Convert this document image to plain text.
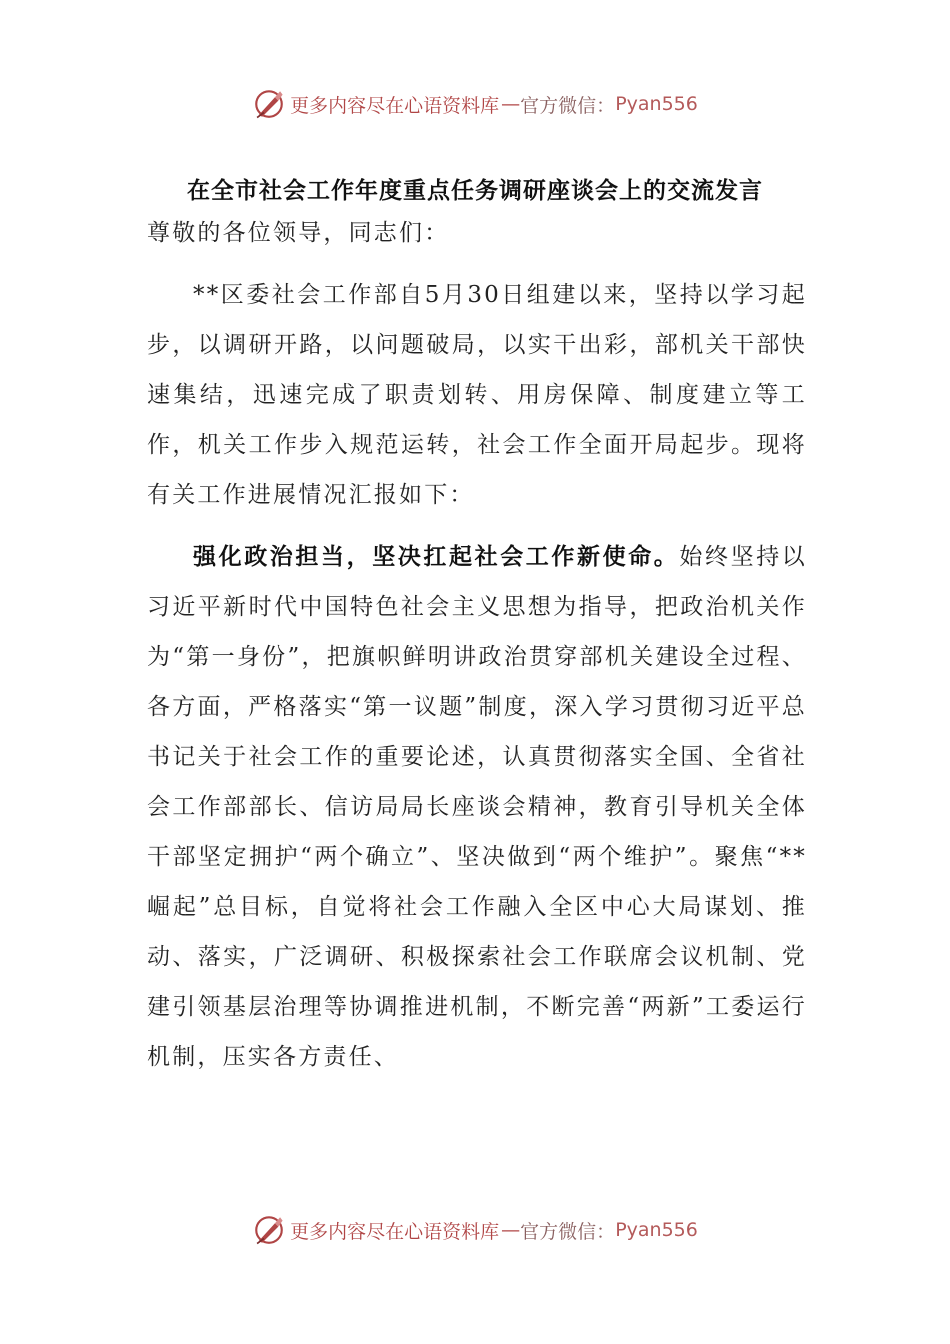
更多内容尽在心语资料库 — 官方微信： Pyan556
在全市社会工作年度重点任务调研座谈会上的交流发言

尊敬的各位领导，同志们：

**区委社会工作部自5月30日组建以来，坚持以学习起步，以调研开路，以问题破局，以实干出彩，部机关干部快速集结，迅速完成了职责划转、用房保障、制度建立等工作，机关工作步入规范运转，社会工作全面开局起步。现将有关工作进展情况汇报如下：

强化政治担当，坚决扛起社会工作新使命。始终坚持以习近平新时代中国特色社会主义思想为指导，把政治机关作为“第一身份”，把旗帜鲜明讲政治贯穿部机关建设全过程、各方面，严格落实“第一议题”制度，深入学习贯彻习近平总书记关于社会工作的重要论述，认真贯彻落实全国、全省社会工作部部长、信访局局长座谈会精神，教育引导机关全体干部坚定拥护“两个确立”、坚决做到“两个维护”。聚焦“**崛起”总目标，自觉将社会工作融入全区中心大局谋划、推动、落实，广泛调研、积极探索社会工作联席会议机制、党建引领基层治理等协调推进机制，不断完善“两新”工委运行机制，压实各方责任、

更多内容尽在心语资料库 — 官方微信： Pyan556
